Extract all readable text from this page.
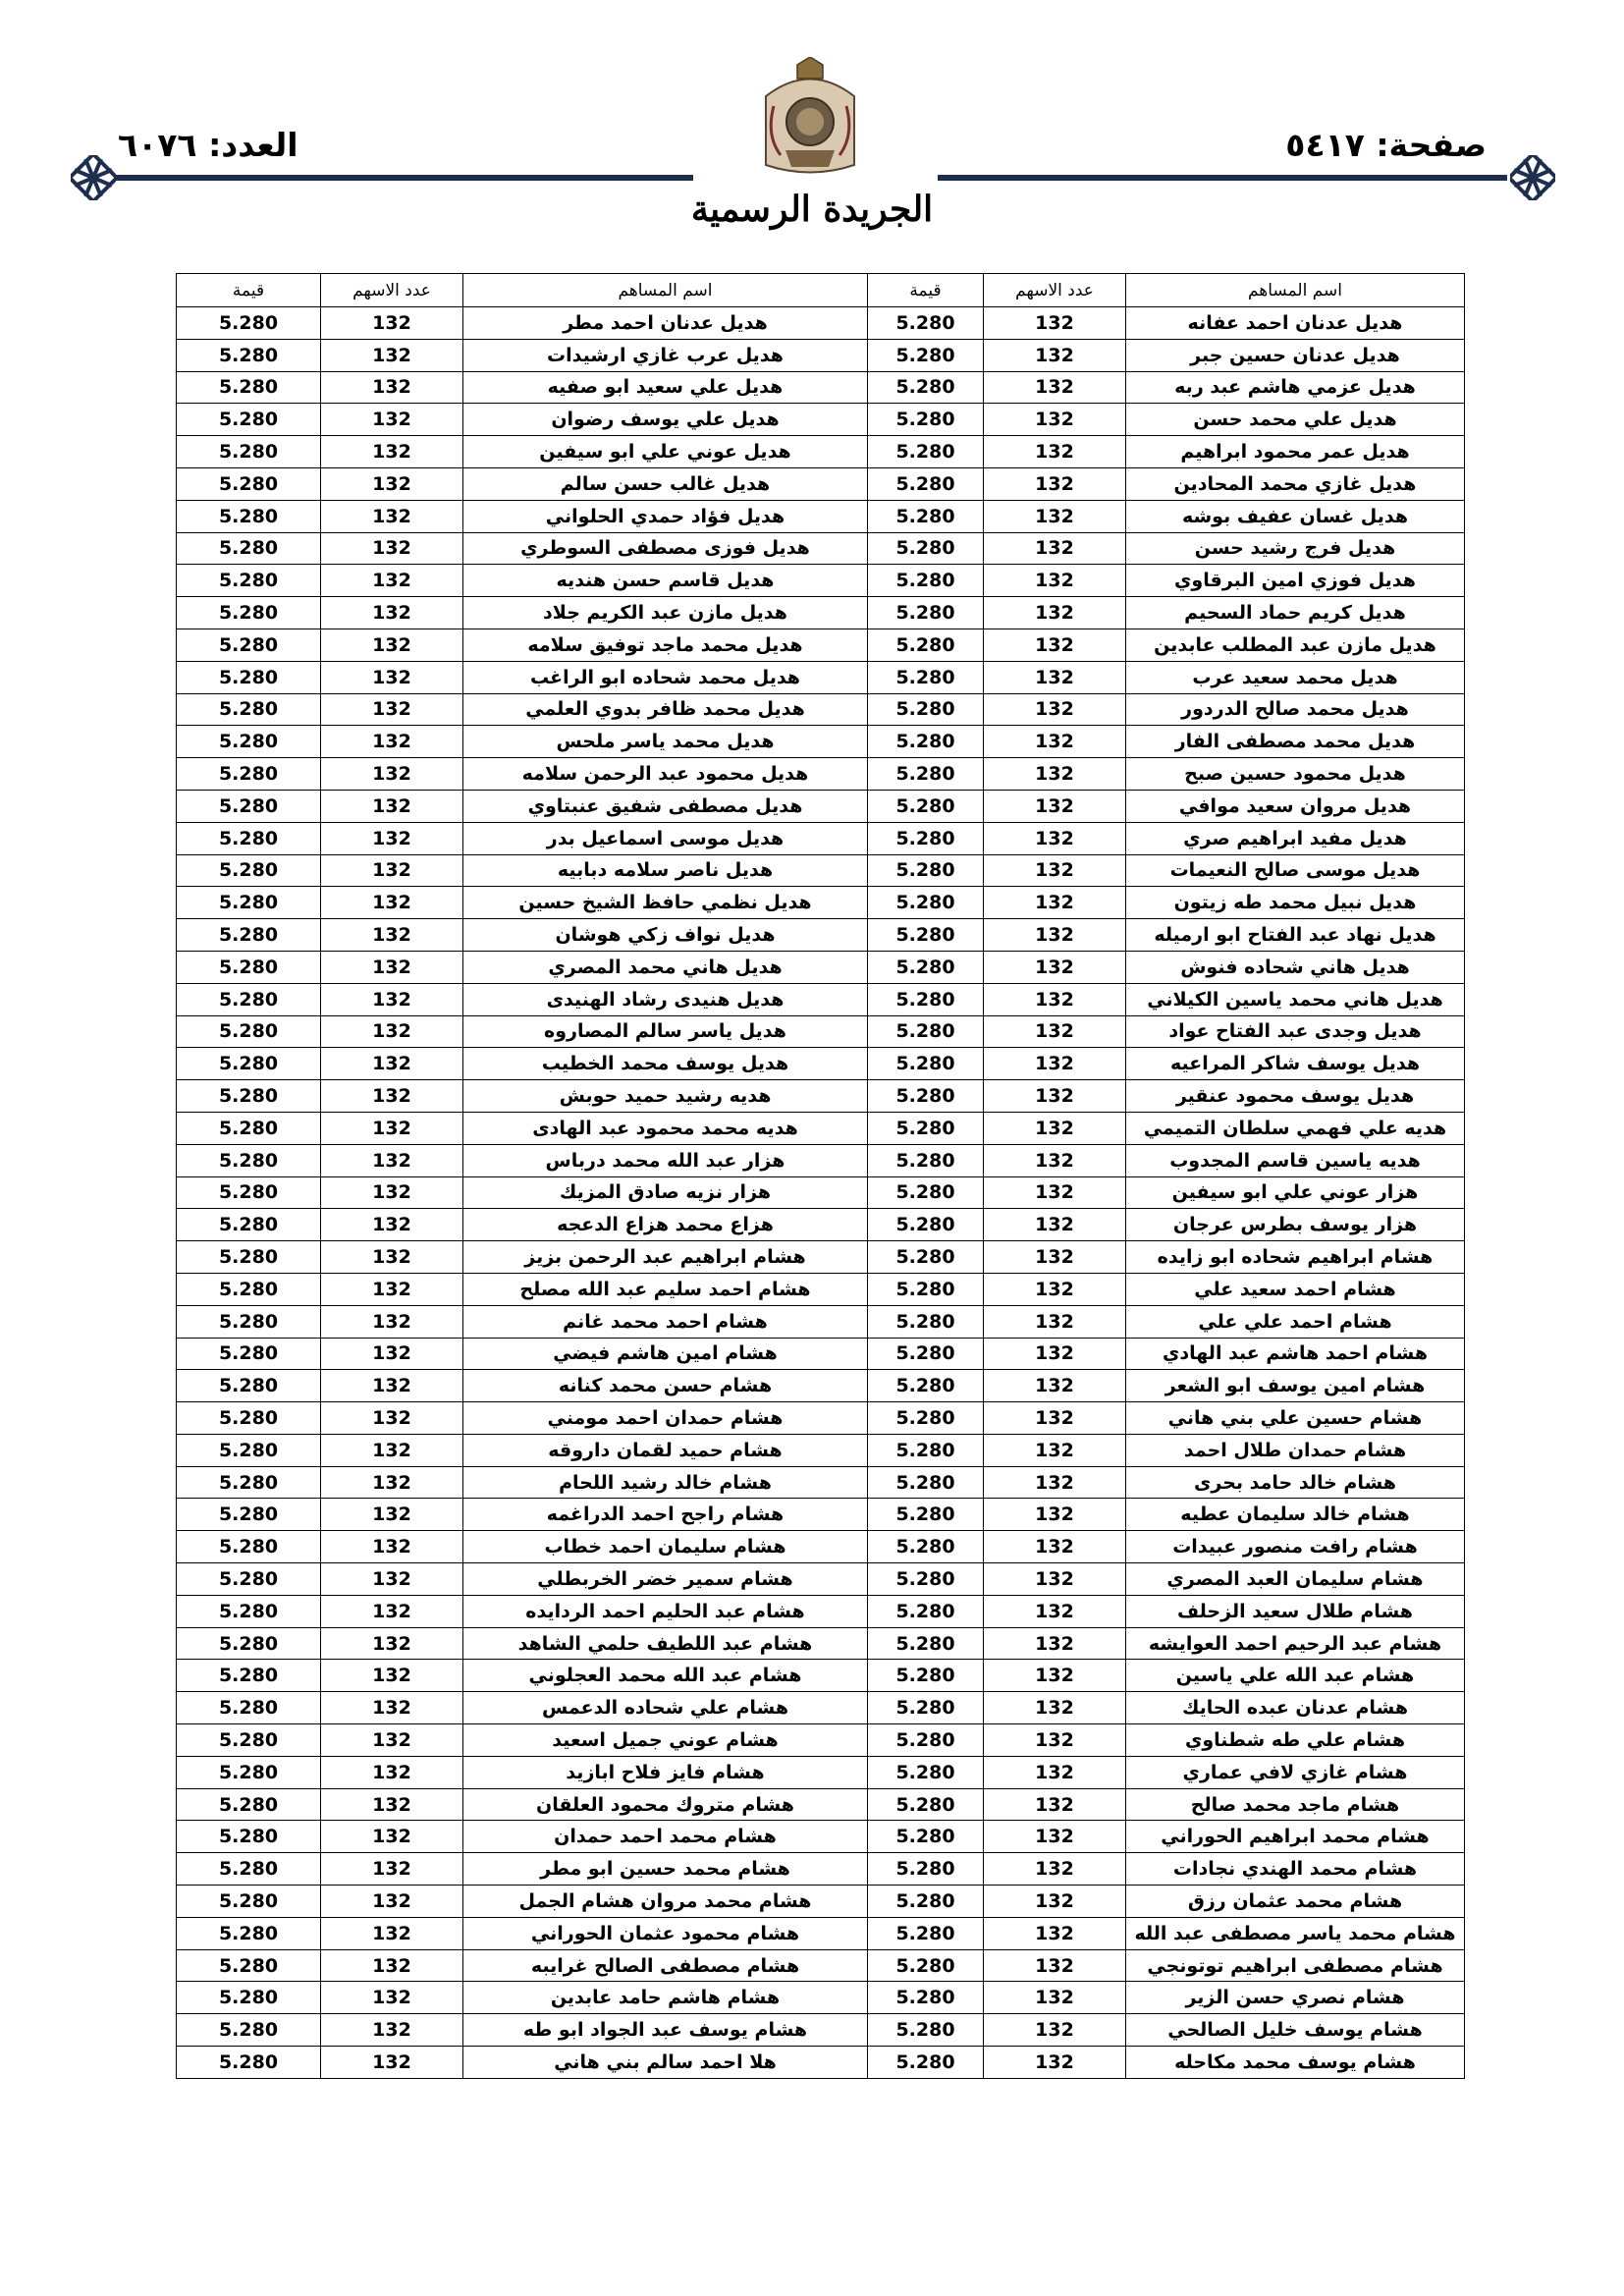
صفحة: ٥٤١٧
العدد: ٦٠٧٦
الجريدة الرسمية
اسم المساهم	عدد الاسهم	قيمة	اسم المساهم	عدد الاسهم	قيمة
هديل عدنان احمد عفانه	132	5.280	هديل عدنان احمد مطر	132	5.280
هديل عدنان حسين جبر	132	5.280	هديل عرب غازي ارشيدات	132	5.280
هديل عزمي هاشم عبد ربه	132	5.280	هديل علي سعيد ابو صفيه	132	5.280
هديل علي محمد حسن	132	5.280	هديل علي يوسف رضوان	132	5.280
هديل عمر محمود ابراهيم	132	5.280	هديل عوني علي ابو سيفين	132	5.280
هديل غازي محمد المحادين	132	5.280	هديل غالب حسن سالم	132	5.280
هديل غسان عفيف بوشه	132	5.280	هديل فؤاد حمدي الحلواني	132	5.280
هديل فرج رشيد حسن	132	5.280	هديل فوزى مصطفى السوطري	132	5.280
هديل فوزي امين البرقاوي	132	5.280	هديل قاسم حسن هنديه	132	5.280
هديل كريم حماد السحيم	132	5.280	هديل مازن عبد الكريم جلاد	132	5.280
هديل مازن عبد المطلب عابدين	132	5.280	هديل محمد ماجد توفيق سلامه	132	5.280
هديل محمد سعيد عرب	132	5.280	هديل محمد شحاده ابو الراغب	132	5.280
هديل محمد صالح الدردور	132	5.280	هديل محمد ظافر بدوي العلمي	132	5.280
هديل محمد مصطفى الفار	132	5.280	هديل محمد ياسر ملحس	132	5.280
هديل محمود حسين صبح	132	5.280	هديل محمود عبد الرحمن سلامه	132	5.280
هديل مروان سعيد موافي	132	5.280	هديل مصطفى شفيق عنبتاوي	132	5.280
هديل مفيد ابراهيم صري	132	5.280	هديل موسى اسماعيل بدر	132	5.280
هديل موسى صالح النعيمات	132	5.280	هديل ناصر سلامه دبابيه	132	5.280
هديل نبيل محمد طه زيتون	132	5.280	هديل نظمي حافظ الشيخ حسين	132	5.280
هديل نهاد عبد الفتاح ابو ارميله	132	5.280	هديل نواف زكي هوشان	132	5.280
هديل هاني شحاده فنوش	132	5.280	هديل هاني محمد المصري	132	5.280
هديل هاني محمد ياسين الكيلاني	132	5.280	هديل هنيدى رشاد الهنيدى	132	5.280
هديل وجدى عبد الفتاح عواد	132	5.280	هديل ياسر سالم المصاروه	132	5.280
هديل يوسف شاكر المراعيه	132	5.280	هديل يوسف محمد الخطيب	132	5.280
هديل يوسف محمود عنقير	132	5.280	هديه رشيد حميد حوبش	132	5.280
هديه علي فهمي سلطان التميمي	132	5.280	هديه محمد محمود عبد الهادى	132	5.280
هديه ياسين قاسم المجدوب	132	5.280	هزار عبد الله محمد درباس	132	5.280
هزار عوني علي ابو سيفين	132	5.280	هزار نزيه صادق المزيك	132	5.280
هزار يوسف بطرس عرجان	132	5.280	هزاع محمد هزاع الدعجه	132	5.280
هشام ابراهيم شحاده ابو زايده	132	5.280	هشام ابراهيم عبد الرحمن بزيز	132	5.280
هشام احمد سعيد علي	132	5.280	هشام احمد سليم عبد الله مصلح	132	5.280
هشام احمد علي علي	132	5.280	هشام احمد محمد غانم	132	5.280
هشام احمد هاشم عبد الهادي	132	5.280	هشام امين هاشم فيضي	132	5.280
هشام امين يوسف ابو الشعر	132	5.280	هشام حسن محمد كنانه	132	5.280
هشام حسين علي بني هاني	132	5.280	هشام حمدان احمد مومني	132	5.280
هشام حمدان طلال احمد	132	5.280	هشام حميد لقمان داروقه	132	5.280
هشام خالد حامد بحرى	132	5.280	هشام خالد رشيد اللحام	132	5.280
هشام خالد سليمان عطيه	132	5.280	هشام راجح احمد الدراغمه	132	5.280
هشام رافت منصور عبيدات	132	5.280	هشام سليمان احمد خطاب	132	5.280
هشام سليمان العبد المصري	132	5.280	هشام سمير خضر الخربطلي	132	5.280
هشام طلال سعيد الزحلف	132	5.280	هشام عبد الحليم احمد الردايده	132	5.280
هشام عبد الرحيم احمد العوايشه	132	5.280	هشام عبد اللطيف حلمي الشاهد	132	5.280
هشام عبد الله علي ياسين	132	5.280	هشام عبد الله محمد العجلوني	132	5.280
هشام عدنان عبده الحايك	132	5.280	هشام علي شحاده الدعمس	132	5.280
هشام علي طه شطناوي	132	5.280	هشام عوني جميل اسعيد	132	5.280
هشام غازي لافي عماري	132	5.280	هشام فايز فلاح ابازيد	132	5.280
هشام ماجد محمد صالح	132	5.280	هشام متروك محمود العلقان	132	5.280
هشام محمد ابراهيم الحوراني	132	5.280	هشام محمد احمد حمدان	132	5.280
هشام محمد الهندي نجادات	132	5.280	هشام محمد حسين ابو مطر	132	5.280
هشام محمد عثمان رزق	132	5.280	هشام محمد مروان هشام الجمل	132	5.280
هشام محمد ياسر مصطفى عبد الله	132	5.280	هشام محمود عثمان الحوراني	132	5.280
هشام مصطفى ابراهيم توتونجي	132	5.280	هشام مصطفى الصالح غرايبه	132	5.280
هشام نصري حسن الزير	132	5.280	هشام هاشم حامد عابدين	132	5.280
هشام يوسف خليل الصالحي	132	5.280	هشام يوسف عبد الجواد ابو طه	132	5.280
هشام يوسف محمد مكاحله	132	5.280	هلا احمد سالم بني هاني	132	5.280
